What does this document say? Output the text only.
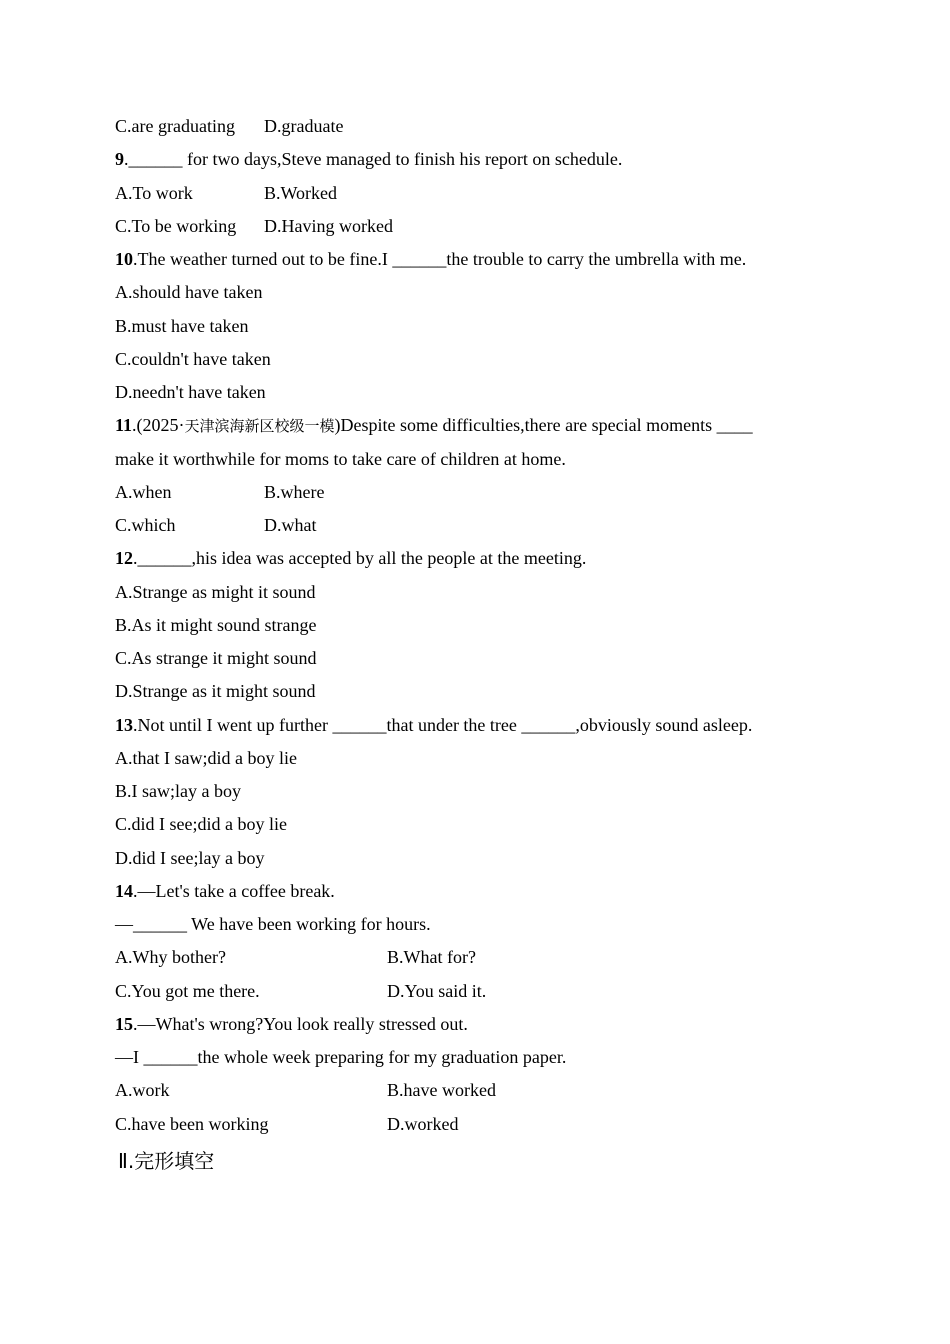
C.are graduating	D.graduate
9.______ for two days,Steve managed to finish his report on schedule.
A.To work	B.Worked
C.To be working	D.Having worked
10.The weather turned out to be fine.I ______the trouble to carry the umbrella with me.
A.should have taken
B.must have taken
C.couldn't have taken
D.needn't have taken
11.(2025·天津滨海新区校级一模)Despite some difficulties,there are special moments ____
make it worthwhile for moms to take care of children at home.
A.when	B.where
C.which	D.what
12.______,his idea was accepted by all the people at the meeting.
A.Strange as might it sound
B.As it might sound strange
C.As strange it might sound
D.Strange as it might sound
13.Not until I went up further ______that under the tree ______,obviously sound asleep.
A.that I saw;did a boy lie
B.I saw;lay a boy
C.did I see;did a boy lie
D.did I see;lay a boy
14.—Let's take a coffee break.
—______ We have been working for hours.
A.Why bother?	B.What for?
C.You got me there.	D.You said it.
15.—What's wrong?You look really stressed out.
—I ______the whole week preparing for my graduation paper.
A.work	B.have worked
C.have been working	D.worked
Ⅱ.完形填空
